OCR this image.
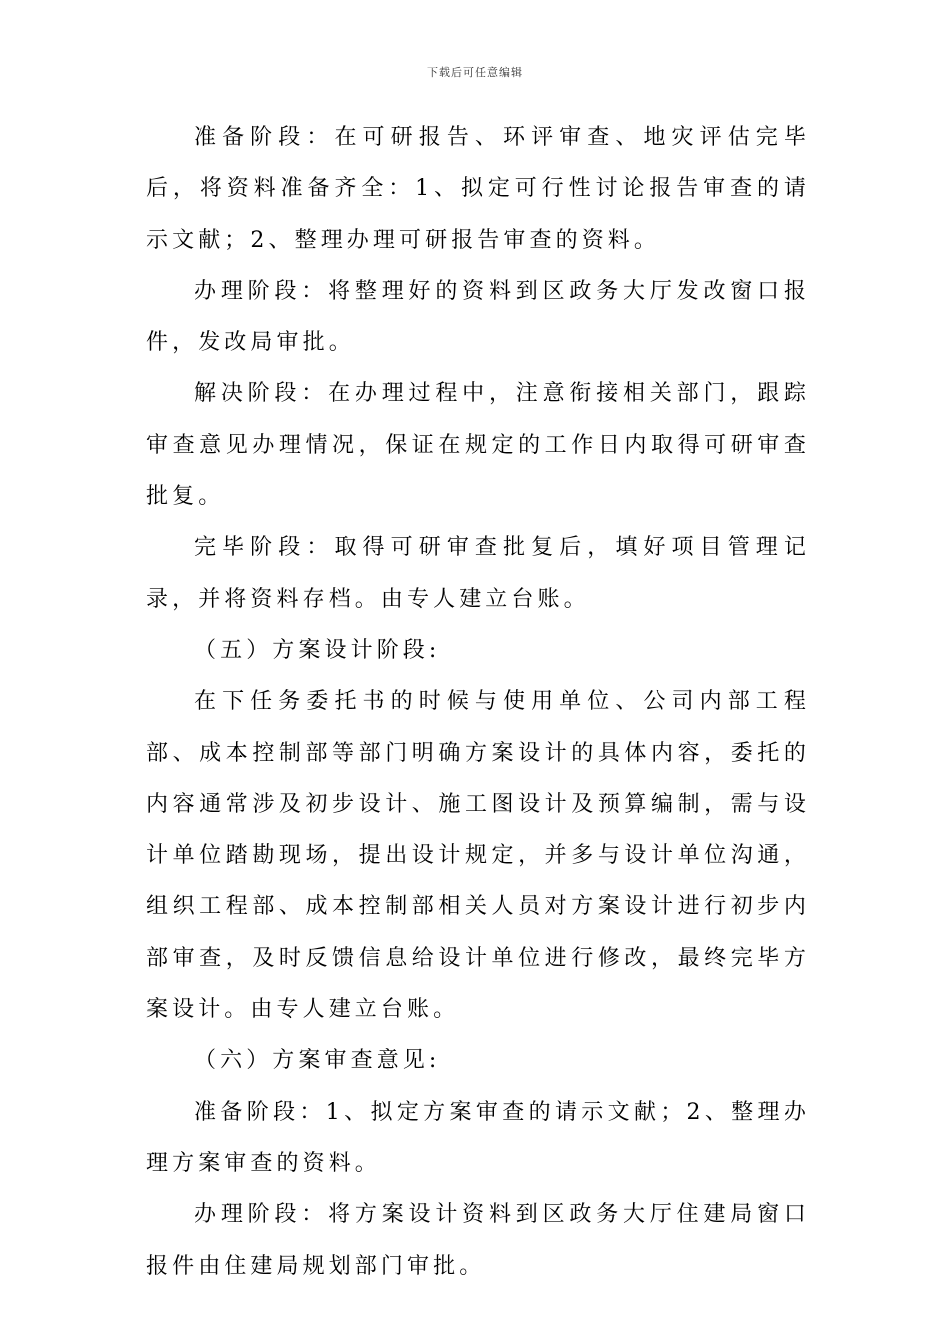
下载后可任意编辑

准备阶段：在可研报告、环评审查、地灾评估完毕后，将资料准备齐全：1、拟定可行性讨论报告审查的请示文献；2、整理办理可研报告审查的资料。

办理阶段：将整理好的资料到区政务大厅发改窗口报件，发改局审批。

解决阶段：在办理过程中，注意衔接相关部门，跟踪审查意见办理情况，保证在规定的工作日内取得可研审查批复。

完毕阶段：取得可研审查批复后，填好项目管理记录，并将资料存档。由专人建立台账。

（五）方案设计阶段:

在下任务委托书的时候与使用单位、公司内部工程部、成本控制部等部门明确方案设计的具体内容，委托的内容通常涉及初步设计、施工图设计及预算编制，需与设计单位踏勘现场，提出设计规定，并多与设计单位沟通，组织工程部、成本控制部相关人员对方案设计进行初步内部审查，及时反馈信息给设计单位进行修改，最终完毕方案设计。由专人建立台账。

（六）方案审查意见:

准备阶段：1、拟定方案审查的请示文献；2、整理办理方案审查的资料。

办理阶段：将方案设计资料到区政务大厅住建局窗口报件由住建局规划部门审批。
